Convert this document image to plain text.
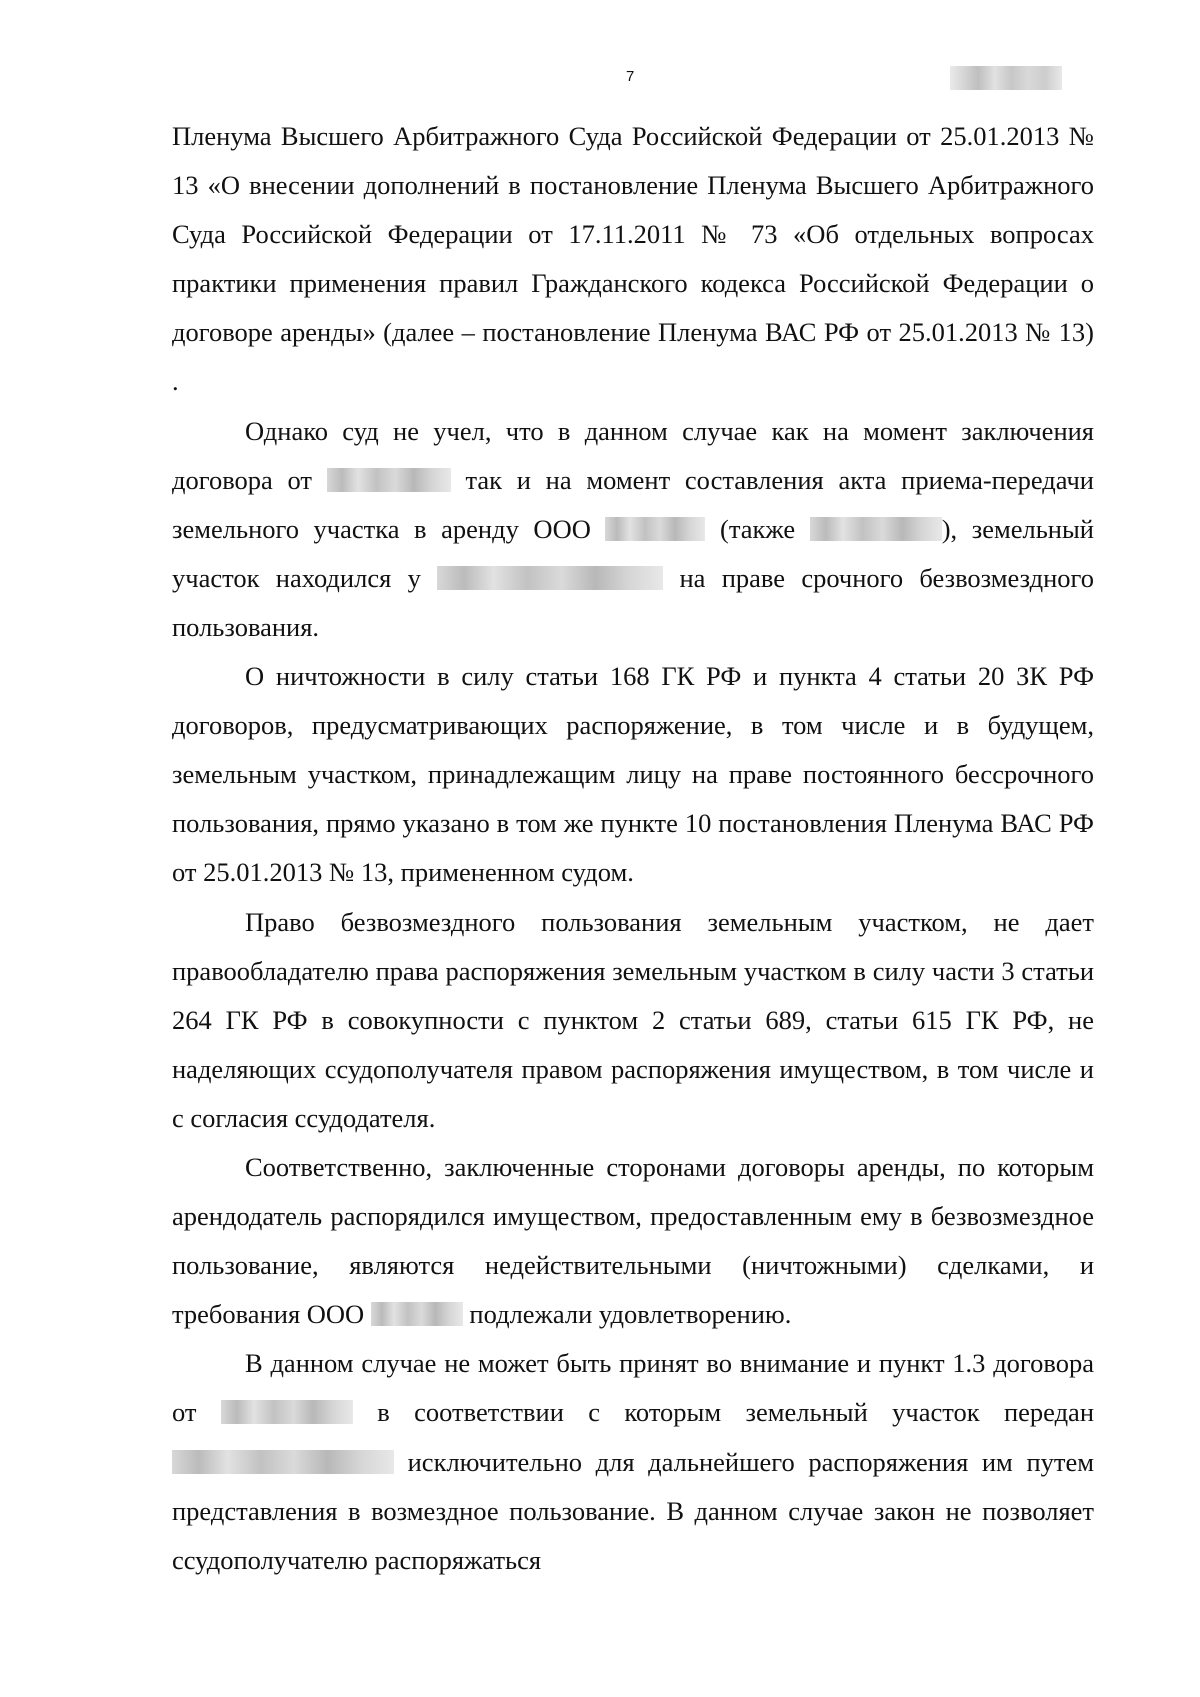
7

Пленума Высшего Арбитражного Суда Российской Федерации от 25.01.2013 № 13 «О внесении дополнений в постановление Пленума Высшего Арбитражного Суда Российской Федерации от 17.11.2011 № 73 «Об отдельных вопросах практики применения правил Гражданского кодекса Российской Федерации о договоре аренды» (далее – постановление Пленума ВАС РФ от 25.01.2013 № 13) .

Однако суд не учел, что в данном случае как на момент заключения договора от	так и на момент составления акта приема-передачи земельного участка в аренду ООО	(также	), земельный участок находился у	на праве срочного безвозмездного пользования.

О ничтожности в силу статьи 168 ГК РФ и пункта 4 статьи 20 ЗК РФ договоров, предусматривающих распоряжение, в том числе и в будущем, земельным участком, принадлежащим лицу на праве постоянного бессрочного пользования, прямо указано в том же пункте 10 постановления Пленума ВАС РФ от 25.01.2013 № 13, примененном судом.

Право безвозмездного пользования земельным участком, не дает правообладателю права распоряжения земельным участком в силу части 3 статьи 264 ГК РФ в совокупности с пунктом 2 статьи 689, статьи 615 ГК РФ, не наделяющих ссудополучателя правом распоряжения имуществом, в том числе и с согласия ссудодателя.

Соответственно, заключенные сторонами договоры аренды, по которым арендодатель распорядился имуществом, предоставленным ему в безвозмездное пользование, являются недействительными (ничтожными) сделками, и требования ООО	подлежали удовлетворению.

В данном случае не может быть принят во внимание и пункт 1.3 договора от	в соответствии с которым земельный участок передан  исключительно для дальнейшего распоряжения им путем представления в возмездное пользование. В данном случае закон не позволяет ссудополучателю распоряжаться
